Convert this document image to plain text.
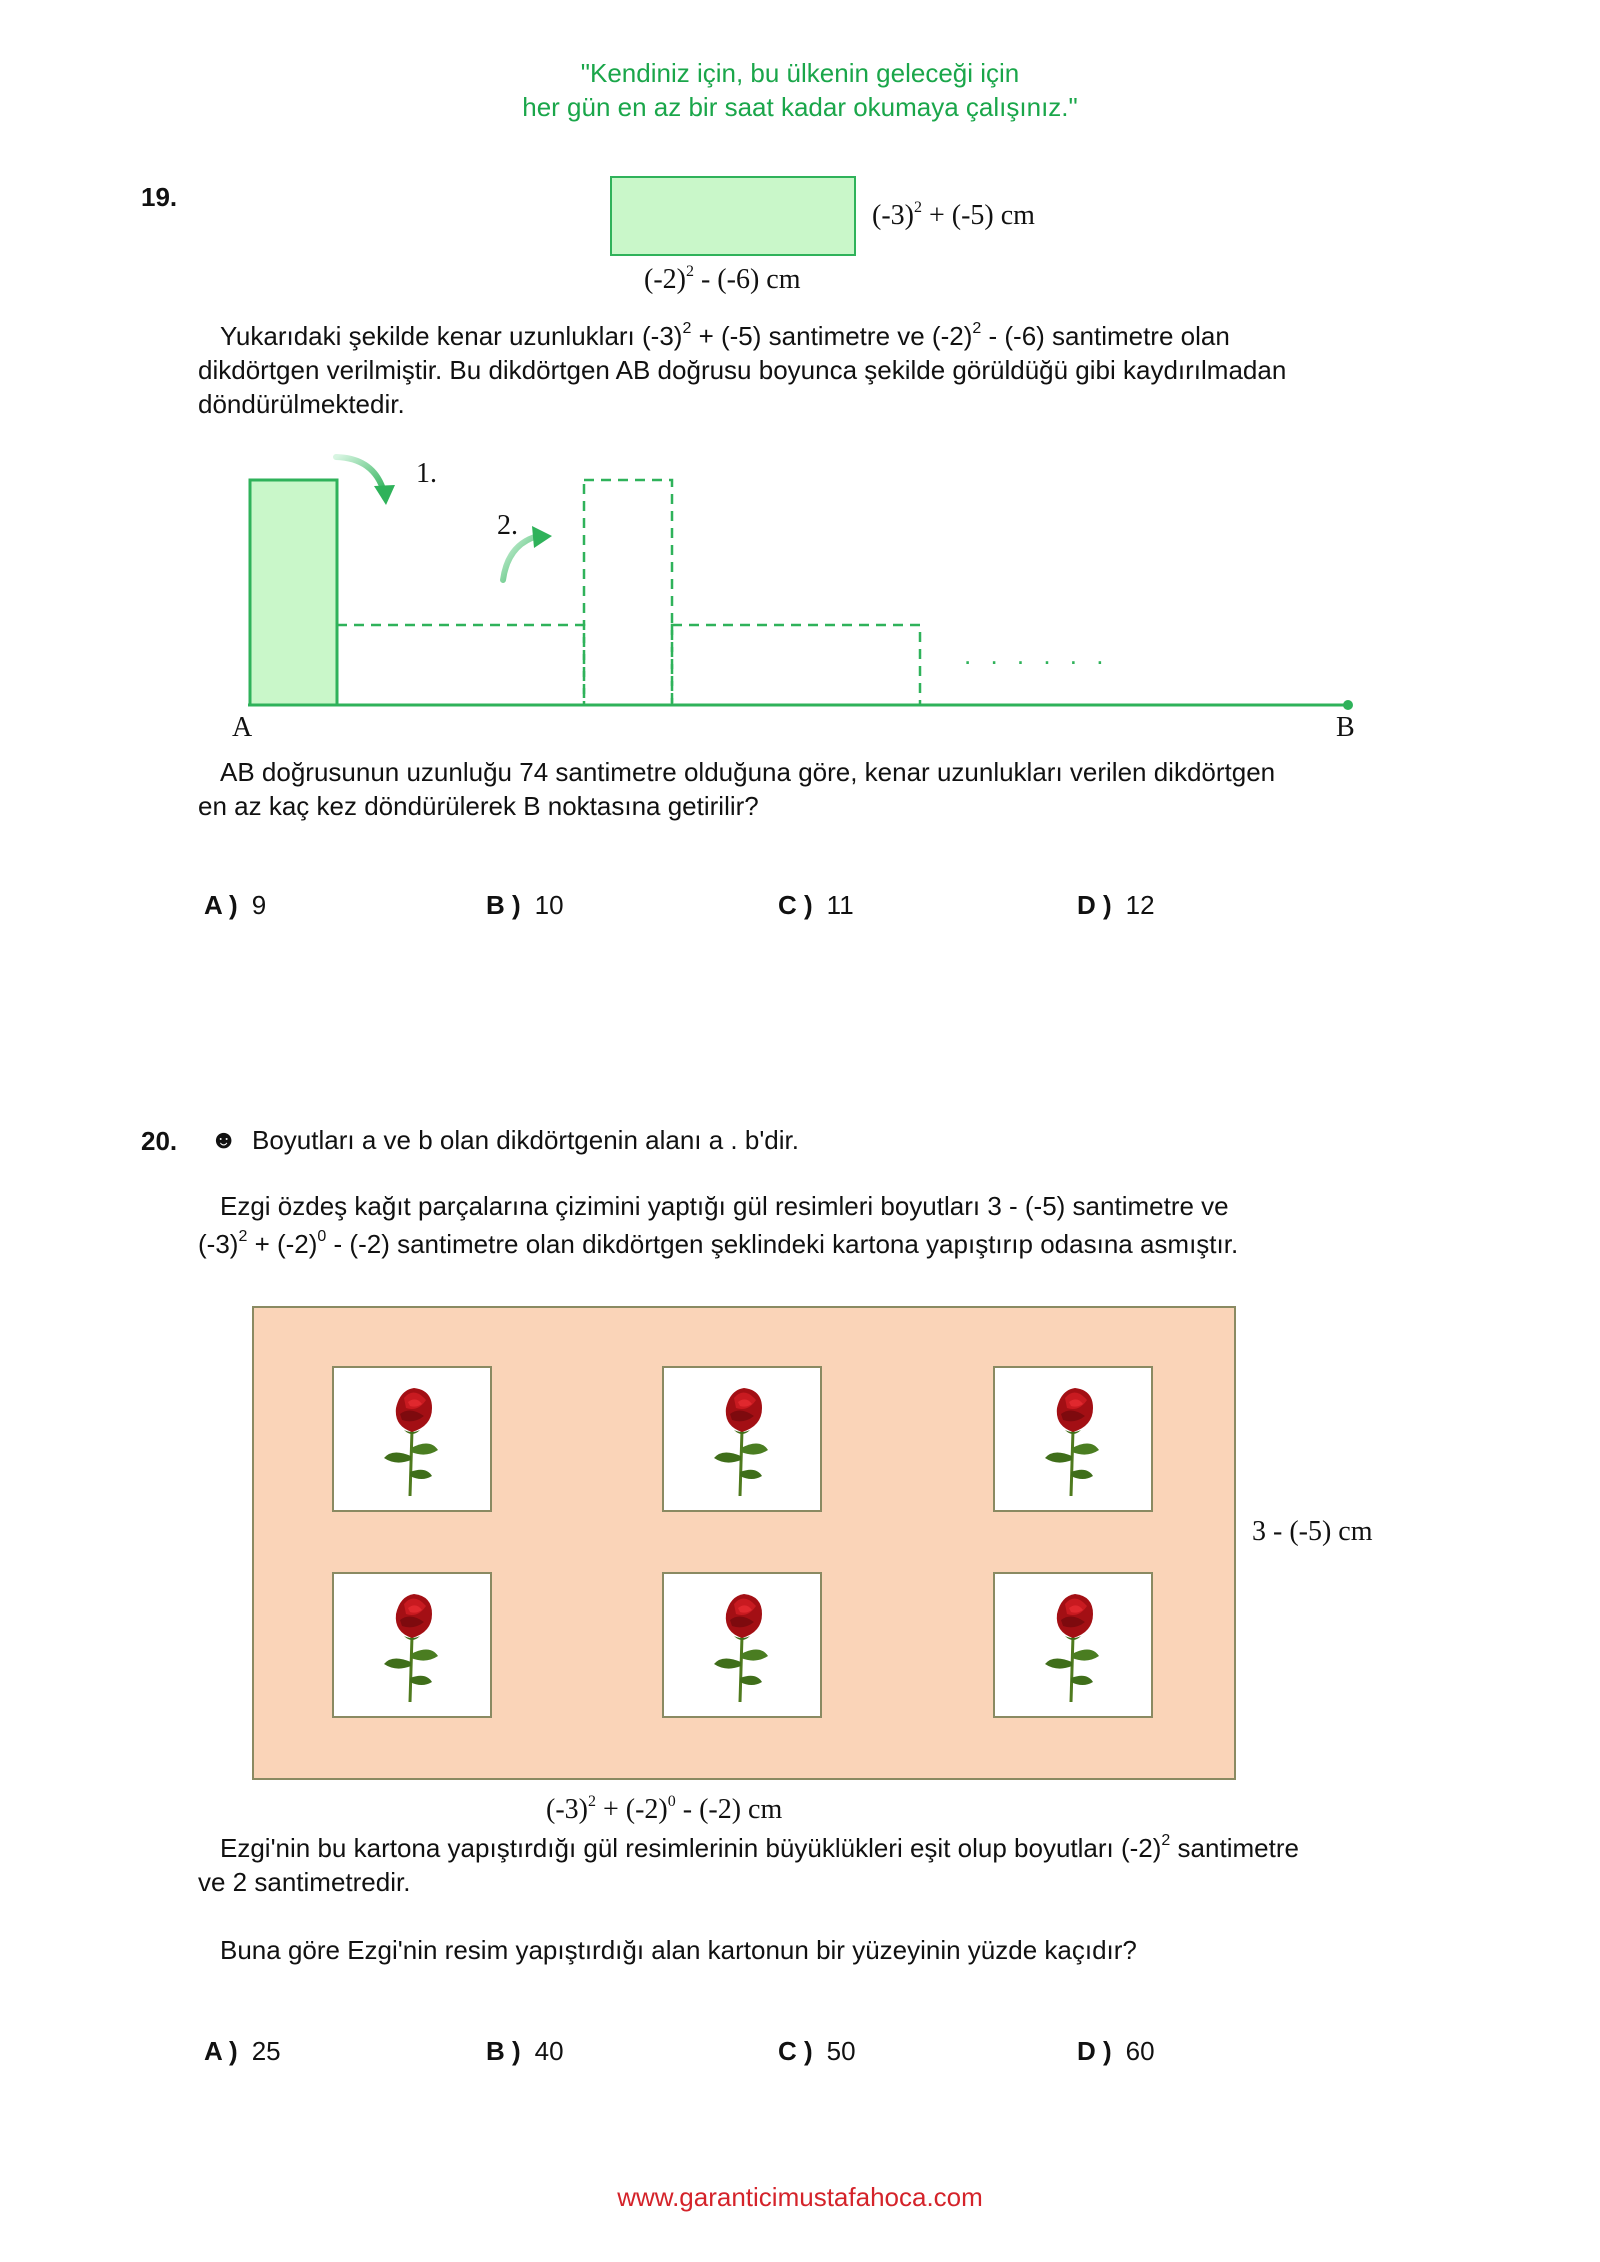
"Kendiniz için, bu ülkenin geleceği için
her gün en az bir saat kadar okumaya çalışınız."
19.
$(-3)^2 + (-5)$ cm
$(-2)^2 - (-6)$ cm
Yukarıdaki şekilde kenar uzunlukları $(-3)^2 + (-5)$ santimetre ve $(-2)^2 - (-6)$ santimetre olan
dikdörtgen verilmiştir. Bu dikdörtgen AB doğrusu boyunca şekilde görüldüğü gibi kaydırılmadan
döndürülmektedir.
1.
2.
. . . . . .
A	B
AB doğrusunun uzunluğu 74 santimetre olduğuna göre, kenar uzunlukları verilen dikdörtgen
en az kaç kez döndürülerek B noktasına getirilir?
A ) 9	B ) 10	C ) 11	D ) 12
20. ☻ Boyutları a ve b olan dikdörtgenin alanı a . b'dir.
Ezgi özdeş kağıt parçalarına çizimini yaptığı gül resimleri boyutları 3 - (-5) santimetre ve
$(-3)^2 + (-2)^0 - (-2)$ santimetre olan dikdörtgen şeklindeki kartona yapıştırıp odasına asmıştır.
3 - (-5) cm
$(-3)^2 + (-2)^0 - (-2)$ cm
Ezgi'nin bu kartona yapıştırdığı gül resimlerinin büyüklükleri eşit olup boyutları $(-2)^2$ santimetre
ve 2 santimetredir.
Buna göre Ezgi'nin resim yapıştırdığı alan kartonun bir yüzeyinin yüzde kaçıdır?
A ) 25	B ) 40	C ) 50	D ) 60
www.garanticimustafahoca.com
